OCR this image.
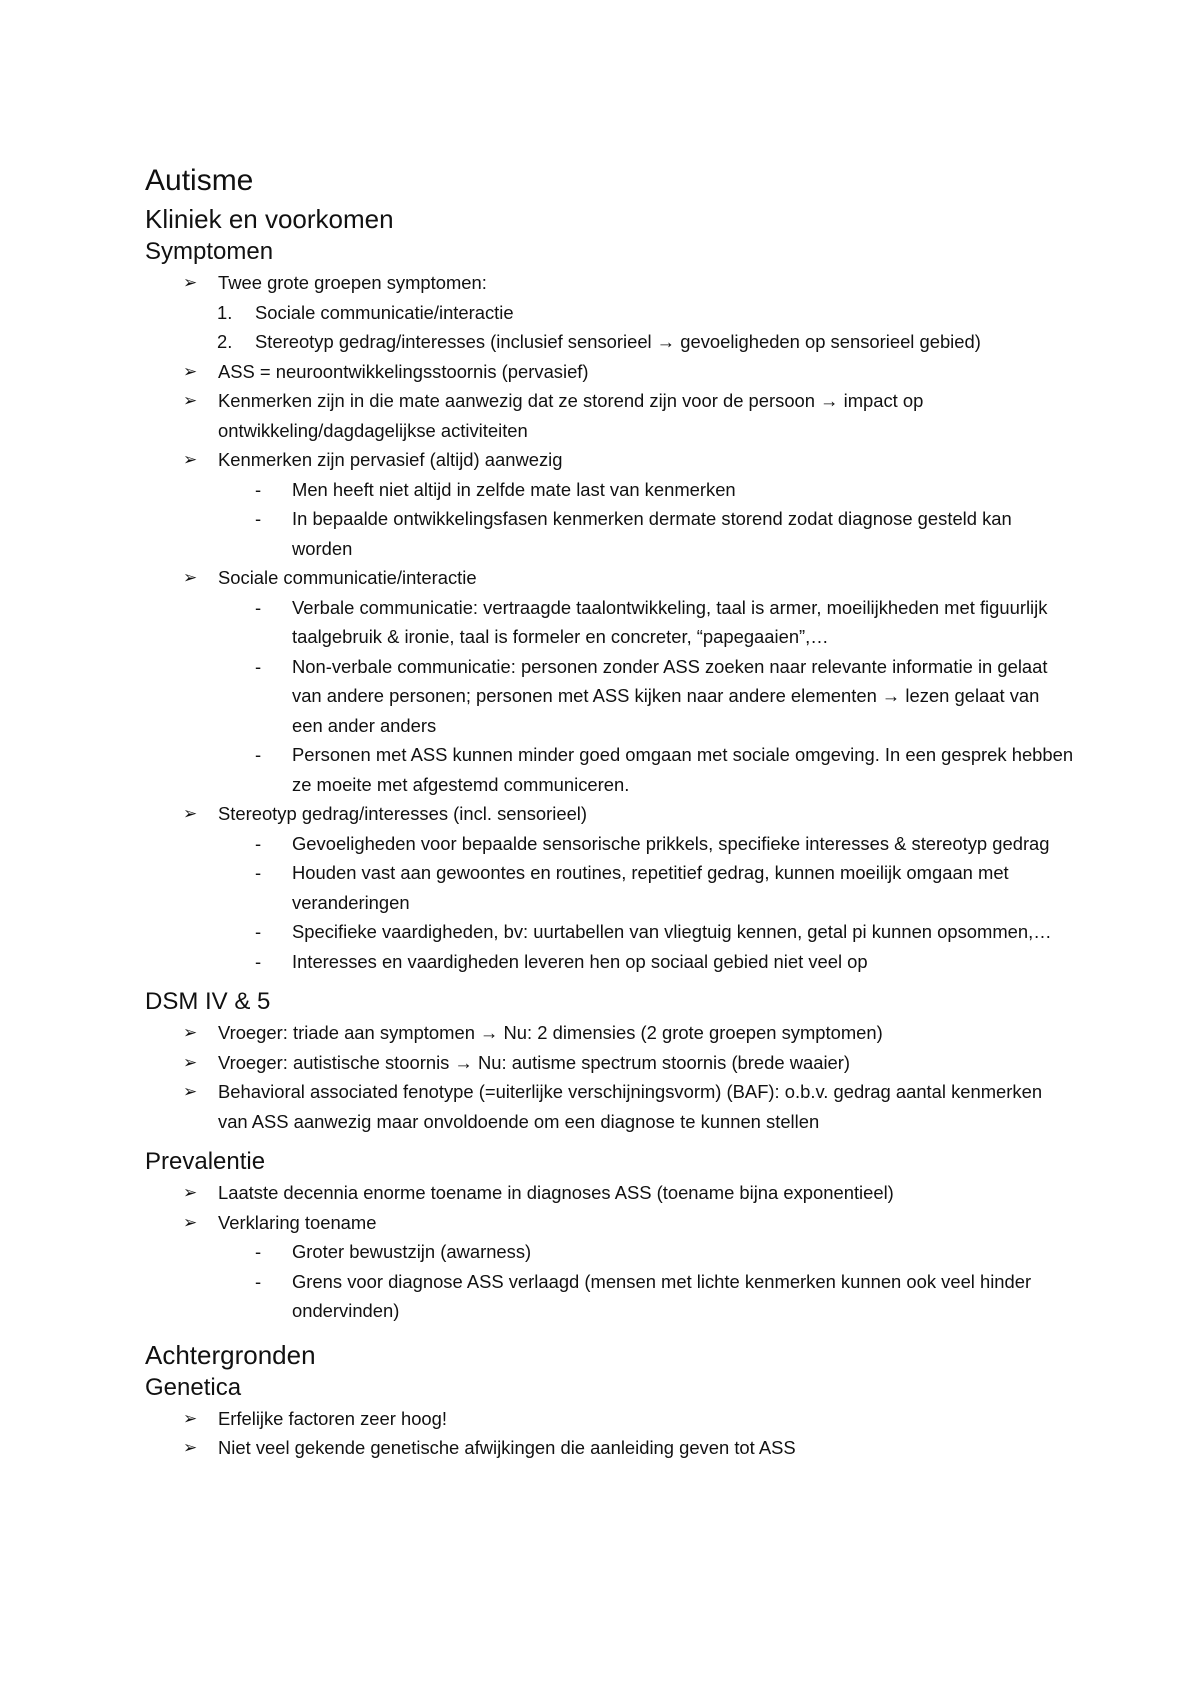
Autisme
Kliniek en voorkomen
Symptomen
➢ Twee grote groepen symptomen:
1. Sociale communicatie/interactie
2. Stereotyp gedrag/interesses (inclusief sensorieel → gevoeligheden op sensorieel gebied)
➢ ASS = neuroontwikkelingsstoornis (pervasief)
➢ Kenmerken zijn in die mate aanwezig dat ze storend zijn voor de persoon → impact op ontwikkeling/dagdagelijkse activiteiten
➢ Kenmerken zijn pervasief (altijd) aanwezig
- Men heeft niet altijd in zelfde mate last van kenmerken
- In bepaalde ontwikkelingsfasen kenmerken dermate storend zodat diagnose gesteld kan worden
➢ Sociale communicatie/interactie
- Verbale communicatie: vertraagde taalontwikkeling, taal is armer, moeilijkheden met figuurlijk taalgebruik & ironie, taal is formeler en concreter, “papegaaien”,…
- Non-verbale communicatie: personen zonder ASS zoeken naar relevante informatie in gelaat van andere personen; personen met ASS kijken naar andere elementen → lezen gelaat van een ander anders
- Personen met ASS kunnen minder goed omgaan met sociale omgeving. In een gesprek hebben ze moeite met afgestemd communiceren.
➢ Stereotyp gedrag/interesses (incl. sensorieel)
- Gevoeligheden voor bepaalde sensorische prikkels, specifieke interesses & stereotyp gedrag
- Houden vast aan gewoontes en routines, repetitief gedrag, kunnen moeilijk omgaan met veranderingen
- Specifieke vaardigheden, bv: uurtabellen van vliegtuig kennen, getal pi kunnen opsommen,…
- Interesses en vaardigheden leveren hen op sociaal gebied niet veel op
DSM IV & 5
➢ Vroeger: triade aan symptomen → Nu: 2 dimensies (2 grote groepen symptomen)
➢ Vroeger: autistische stoornis → Nu: autisme spectrum stoornis (brede waaier)
➢ Behavioral associated fenotype (=uiterlijke verschijningsvorm) (BAF): o.b.v. gedrag aantal kenmerken van ASS aanwezig maar onvoldoende om een diagnose te kunnen stellen
Prevalentie
➢ Laatste decennia enorme toename in diagnoses ASS (toename bijna exponentieel)
➢ Verklaring toename
- Groter bewustzijn (awarness)
- Grens voor diagnose ASS verlaagd (mensen met lichte kenmerken kunnen ook veel hinder ondervinden)
Achtergronden
Genetica
➢ Erfelijke factoren zeer hoog!
➢ Niet veel gekende genetische afwijkingen die aanleiding geven tot ASS
